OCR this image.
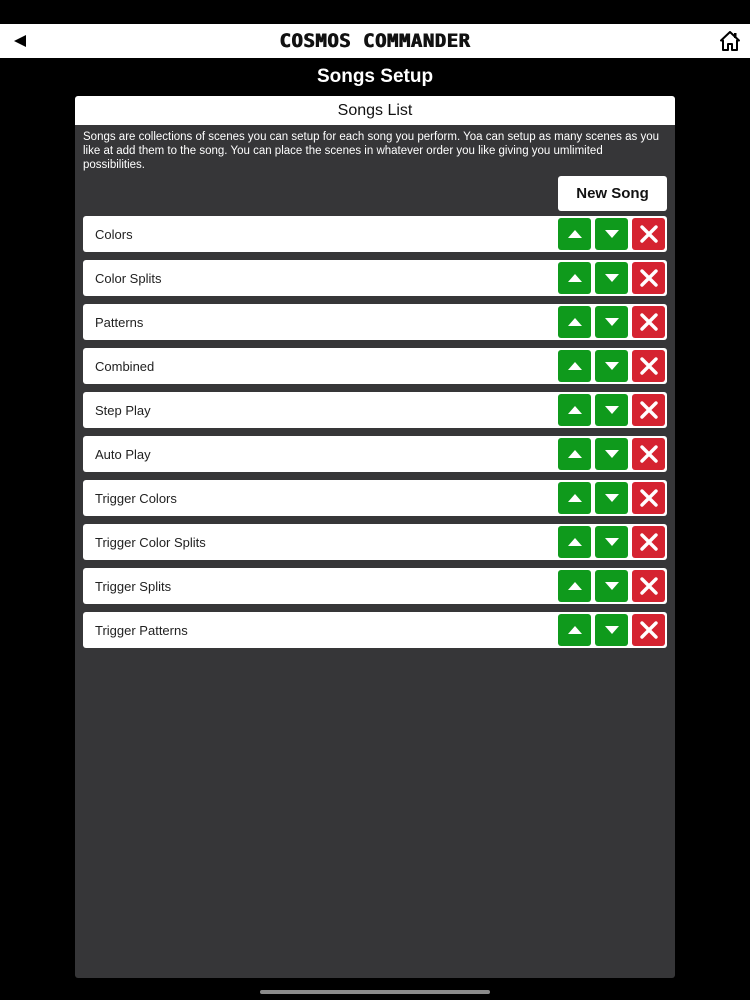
COSMOS COMMANDER
Songs Setup
Songs List
Songs are collections of scenes you can setup for each song you perform. Yoa can setup as many scenes as you like at add them to the song. You can place the scenes in whatever order you like giving you umlimited possibilities.
New Song
Colors
Color Splits
Patterns
Combined
Step Play
Auto Play
Trigger Colors
Trigger Color Splits
Trigger Splits
Trigger Patterns
